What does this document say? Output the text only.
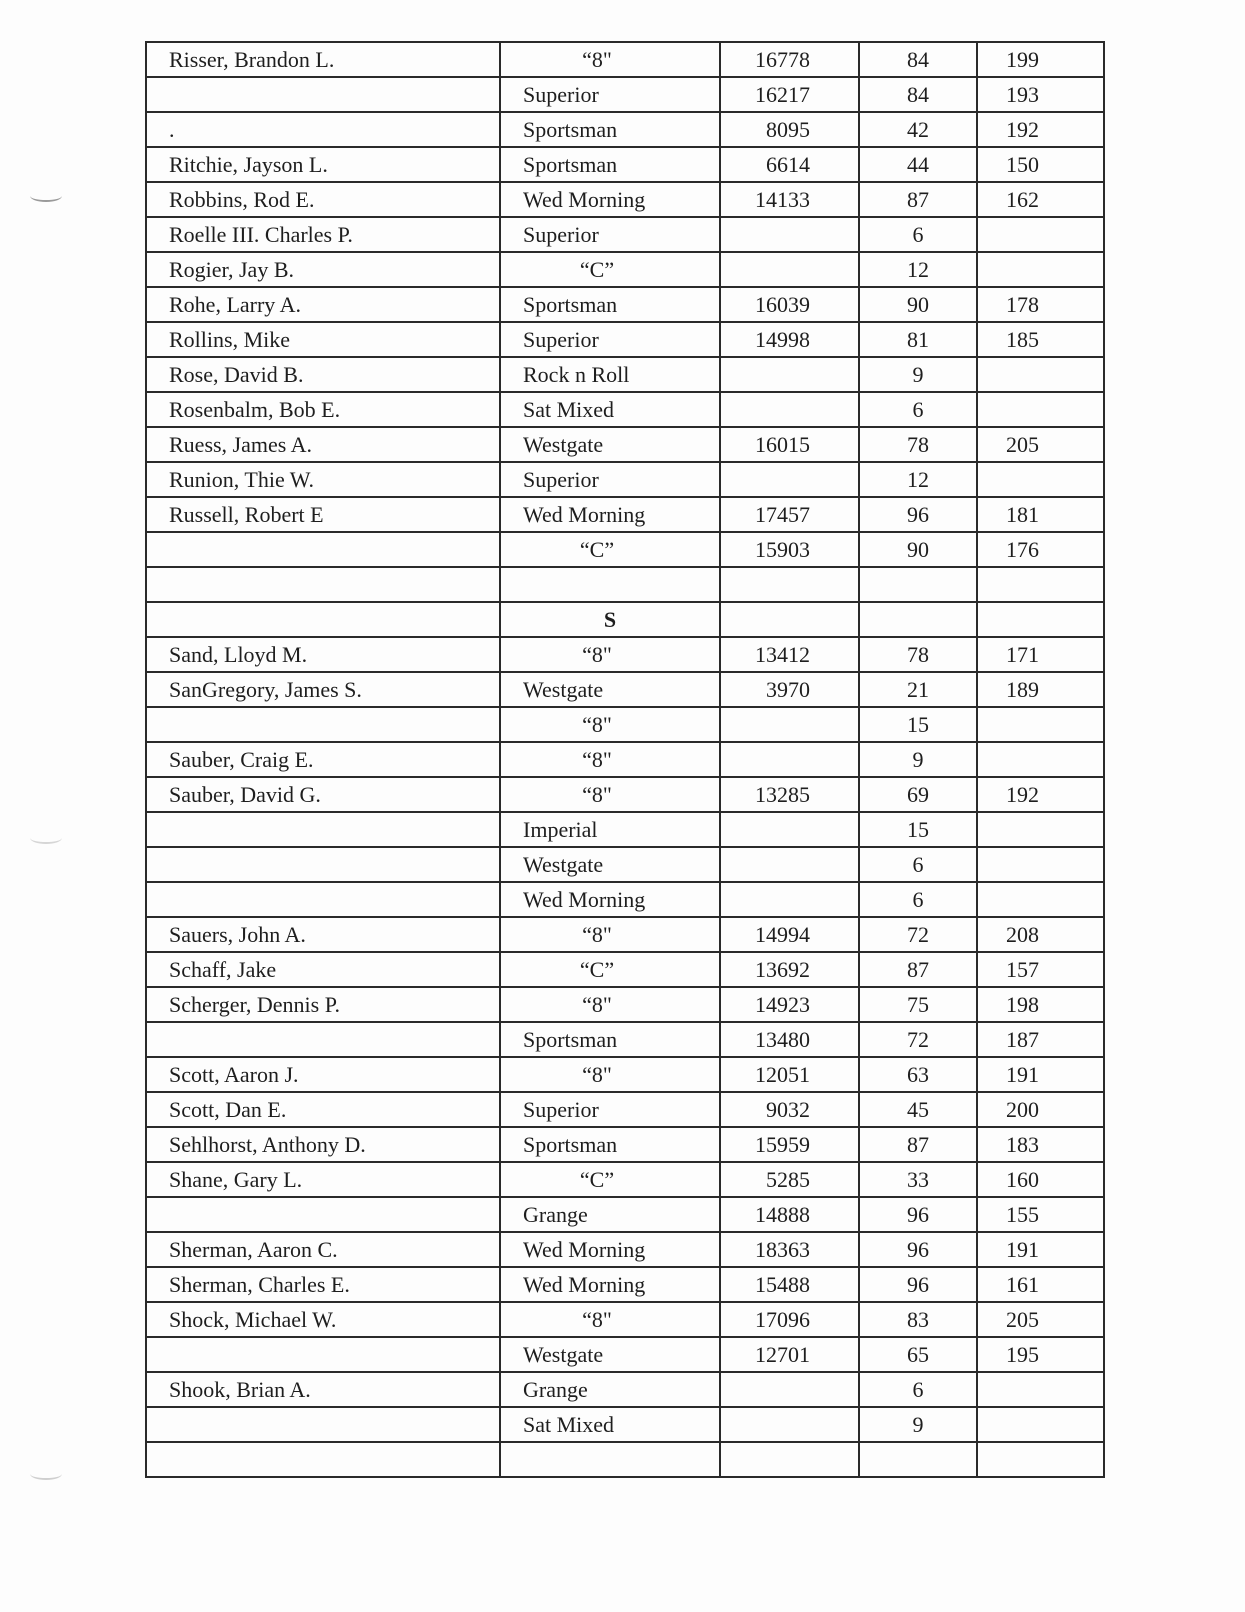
Risser, Brandon L.	“8"	16778	84	199
	Superior	16217	84	193
.	Sportsman	8095	42	192
Ritchie, Jayson L.	Sportsman	6614	44	150
Robbins, Rod E.	Wed Morning	14133	87	162
Roelle III. Charles P.	Superior		6	
Rogier, Jay B.	“C”		12	
Rohe, Larry A.	Sportsman	16039	90	178
Rollins, Mike	Superior	14998	81	185
Rose, David B.	Rock n Roll		9	
Rosenbalm, Bob E.	Sat Mixed		6	
Ruess, James A.	Westgate	16015	78	205
Runion, Thie W.	Superior		12	
Russell, Robert E	Wed Morning	17457	96	181
	“C”	15903	90	176

	S			
Sand, Lloyd M.	“8"	13412	78	171
SanGregory, James S.	Westgate	3970	21	189
	“8"		15	
Sauber, Craig E.	“8"		9	
Sauber, David G.	“8"	13285	69	192
	Imperial		15	
	Westgate		6	
	Wed Morning		6	
Sauers, John A.	“8"	14994	72	208
Schaff, Jake	“C”	13692	87	157
Scherger, Dennis P.	“8"	14923	75	198
	Sportsman	13480	72	187
Scott, Aaron J.	“8"	12051	63	191
Scott, Dan E.	Superior	9032	45	200
Sehlhorst, Anthony D.	Sportsman	15959	87	183
Shane, Gary L.	“C”	5285	33	160
	Grange	14888	96	155
Sherman, Aaron C.	Wed Morning	18363	96	191
Sherman, Charles E.	Wed Morning	15488	96	161
Shock, Michael W.	“8"	17096	83	205
	Westgate	12701	65	195
Shook, Brian A.	Grange		6	
	Sat Mixed		9	
